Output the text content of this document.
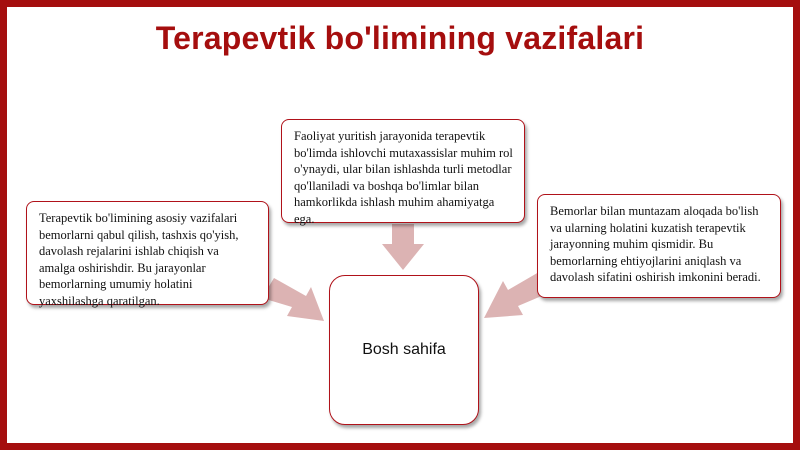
Terapevtik bo'limining vazifalari
Terapevtik bo'limining asosiy vazifalari bemorlarni qabul qilish, tashxis qo'yish, davolash rejalarini ishlab chiqish va amalga oshirishdir. Bu jarayonlar bemorlarning umumiy holatini yaxshilashga qaratilgan.
Faoliyat yuritish jarayonida terapevtik bo'limda ishlovchi mutaxassislar muhim rol o'ynaydi, ular bilan ishlashda turli metodlar qo'llaniladi va boshqa bo'limlar bilan hamkorlikda ishlash muhim ahamiyatga ega.
Bemorlar bilan muntazam aloqada bo'lish va ularning holatini kuzatish terapevtik jarayonning muhim qismidir. Bu bemorlarning ehtiyojlarini aniqlash va davolash sifatini oshirish imkonini beradi.
Bosh sahifa
